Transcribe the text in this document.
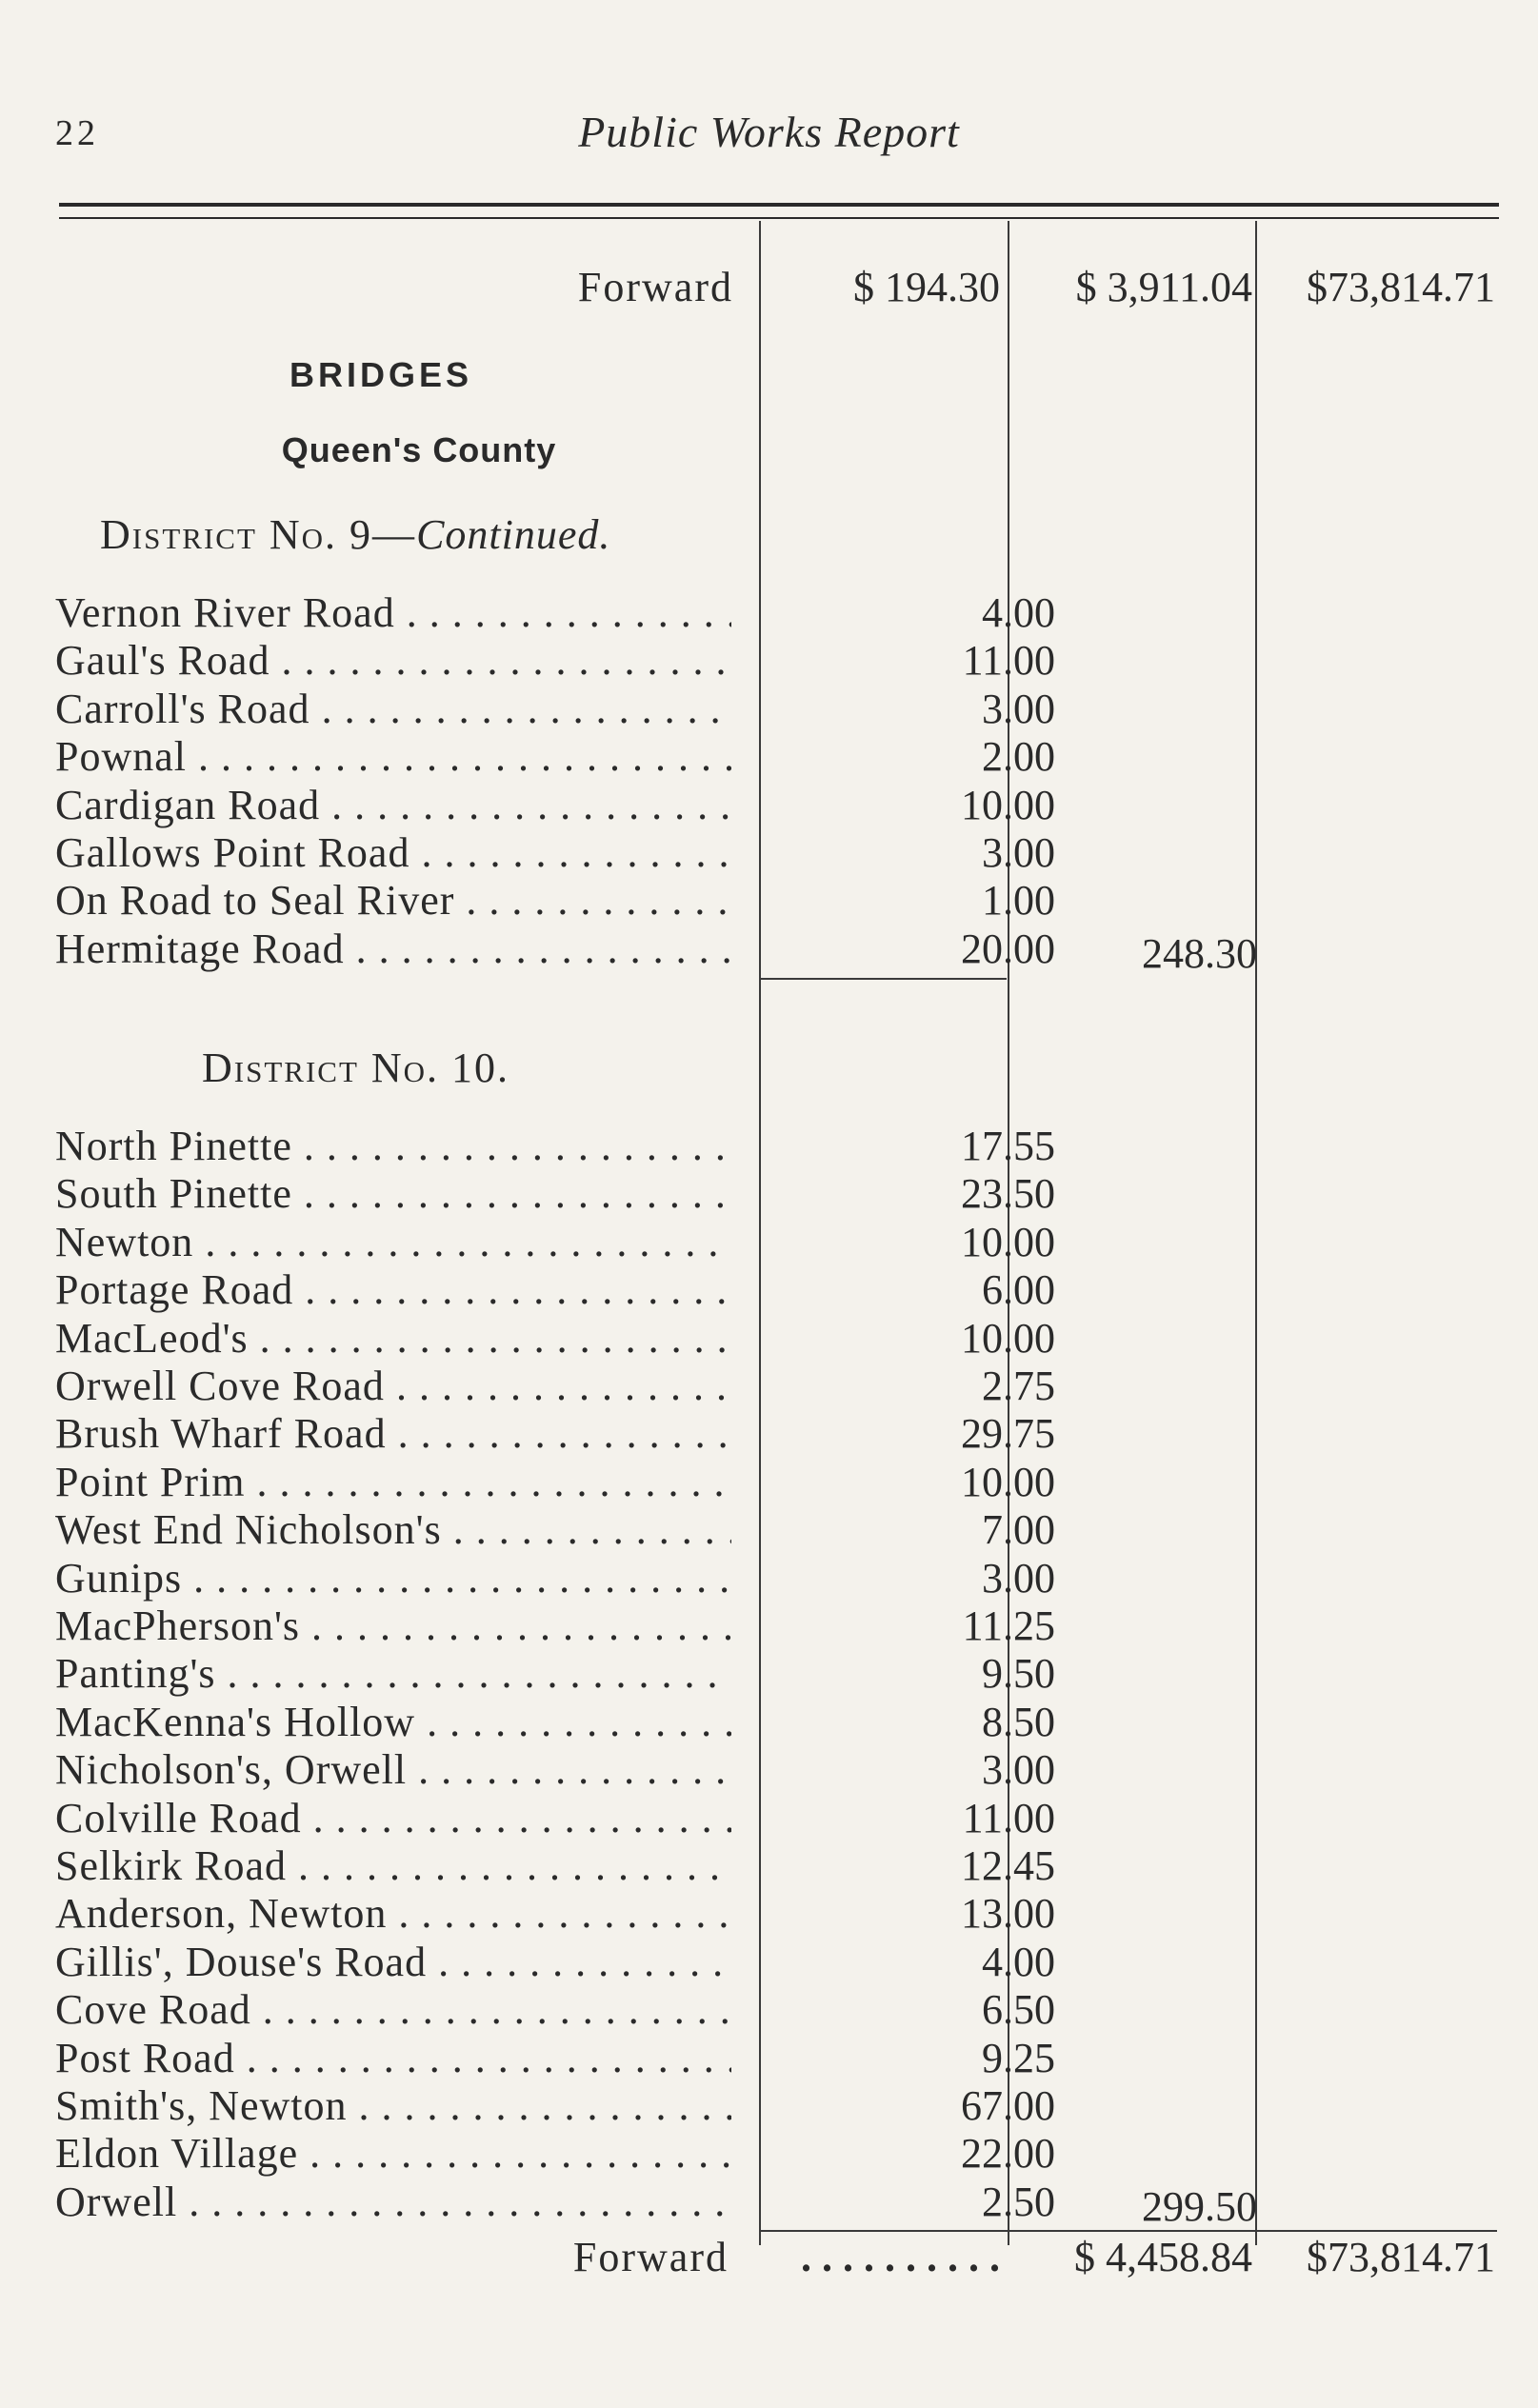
22	Public Works Report
Forward	$ 194.30	$ 3,911.04	$73,814.71
BRIDGES
Queen's County
District No. 9—Continued.
Vernon River Road . . .	4.00
Gaul's Road . . .	11.00
Carroll's Road . . .	3.00
Pownal . . .	2.00
Cardigan Road . . .	10.00
Gallows Point Road . . .	3.00
On Road to Seal River . . .	1.00
Hermitage Road . . .	20.00	248.30
District No. 10.
North Pinette . . .	17.55
South Pinette . . .	23.50
Newton . . .	10.00
Portage Road . . .	6.00
MacLeod's . . .	10.00
Orwell Cove Road . . .	2.75
Brush Wharf Road . . .	29.75
Point Prim . . .	10.00
West End Nicholson's . . .	7.00
Gunips . . .	3.00
MacPherson's . . .	11.25
Panting's . . .	9.50
MacKenna's Hollow . . .	8.50
Nicholson's, Orwell . . .	3.00
Colville Road . . .	11.00
Selkirk Road . . .	12.45
Anderson, Newton . . .	13.00
Gillis', Douse's Road . . .	4.00
Cove Road . . .	6.50
Post Road . . .	9.25
Smith's, Newton . . .	67.00
Eldon Village . . .	22.00
Orwell . . .	2.50	299.50
Forward	. . . . . . . . . .	$ 4,458.84	$73,814.71
